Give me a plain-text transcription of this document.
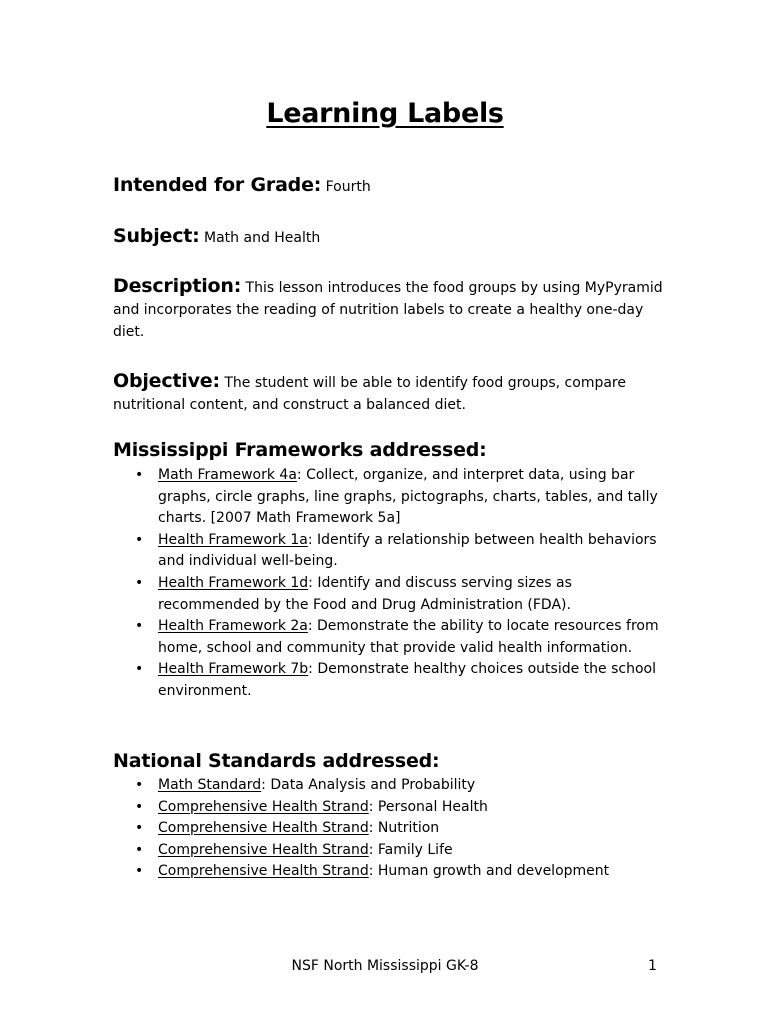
Learning Labels
Intended for Grade: Fourth
Subject: Math and Health
Description: This lesson introduces the food groups by using MyPyramid and incorporates the reading of nutrition labels to create a healthy one-day diet.
Objective: The student will be able to identify food groups, compare nutritional content, and construct a balanced diet.
Mississippi Frameworks addressed:
• Math Framework 4a: Collect, organize, and interpret data, using bar graphs, circle graphs, line graphs, pictographs, charts, tables, and tally charts. [2007 Math Framework 5a]
• Health Framework 1a: Identify a relationship between health behaviors and individual well-being.
• Health Framework 1d: Identify and discuss serving sizes as recommended by the Food and Drug Administration (FDA).
• Health Framework 2a: Demonstrate the ability to locate resources from home, school and community that provide valid health information.
• Health Framework 7b: Demonstrate healthy choices outside the school environment.
National Standards addressed:
• Math Standard: Data Analysis and Probability
• Comprehensive Health Strand: Personal Health
• Comprehensive Health Strand: Nutrition
• Comprehensive Health Strand: Family Life
• Comprehensive Health Strand: Human growth and development
NSF North Mississippi GK-8	1
